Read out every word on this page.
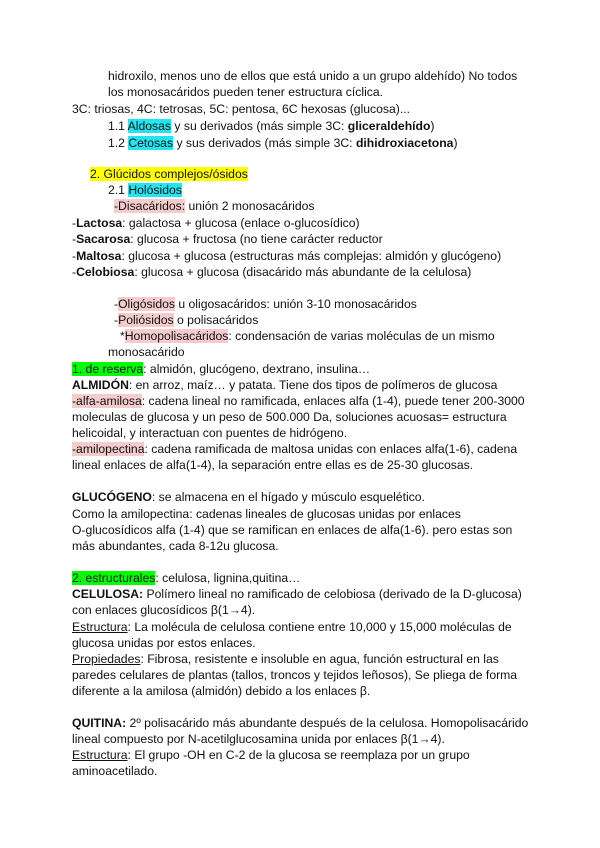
hidroxilo, menos uno de ellos que está unido a un grupo aldehído) No todos
los monosacáridos pueden tener estructura cíclica.
3C: triosas, 4C: tetrosas, 5C: pentosa, 6C hexosas (glucosa)...
1.1 Aldosas y su derivados (más simple 3C: gliceraldehído)
1.2 Cetosas y sus derivados (más simple 3C: dihidroxiacetona)
2. Glúcidos complejos/ósidos
2.1 Holósidos
-Disacáridos: unión 2 monosacáridos
-Lactosa: galactosa + glucosa (enlace o-glucosídico)
-Sacarosa: glucosa + fructosa (no tiene carácter reductor
-Maltosa: glucosa + glucosa (estructuras más complejas: almidón y glucógeno)
-Celobiosa: glucosa + glucosa (disacárido más abundante de la celulosa)
-Oligósidos u oligosacáridos: unión 3-10 monosacáridos
-Poliósidos o polisacáridos
*Homopolisacáridos: condensación de varias moléculas de un mismo
monosacárido
1. de reserva: almidón, glucógeno, dextrano, insulina…
ALMIDÓN: en arroz, maíz… y patata. Tiene dos tipos de polímeros de glucosa
-alfa-amilosa: cadena lineal no ramificada, enlaces alfa (1-4), puede tener 200-3000
moleculas de glucosa y un peso de 500.000 Da, soluciones acuosas= estructura
helicoidal, y interactuan con puentes de hidrógeno.
-amilopectina: cadena ramificada de maltosa unidas con enlaces alfa(1-6), cadena
lineal enlaces de alfa(1-4), la separación entre ellas es de 25-30 glucosas.
GLUCÓGENO: se almacena en el hígado y músculo esquelético.
Como la amilopectina: cadenas lineales de glucosas unidas por enlaces
O-glucosídicos alfa (1-4) que se ramifican en enlaces de alfa(1-6). pero estas son
más abundantes, cada 8-12u glucosa.
2. estructurales: celulosa, lignina,quitina…
CELULOSA: Polímero lineal no ramificado de celobiosa (derivado de la D-glucosa)
con enlaces glucosídicos β(1→4).
Estructura: La molécula de celulosa contiene entre 10,000 y 15,000 moléculas de
glucosa unidas por estos enlaces.
Propiedades: Fibrosa, resistente e insoluble en agua, función estructural en las
paredes celulares de plantas (tallos, troncos y tejidos leñosos), Se pliega de forma
diferente a la amilosa (almidón) debido a los enlaces β.
QUITINA: 2º polisacárido más abundante después de la celulosa. Homopolisacárido
lineal compuesto por N-acetilglucosamina unida por enlaces β(1→4).
Estructura: El grupo -OH en C-2 de la glucosa se reemplaza por un grupo
aminoacetilado.
